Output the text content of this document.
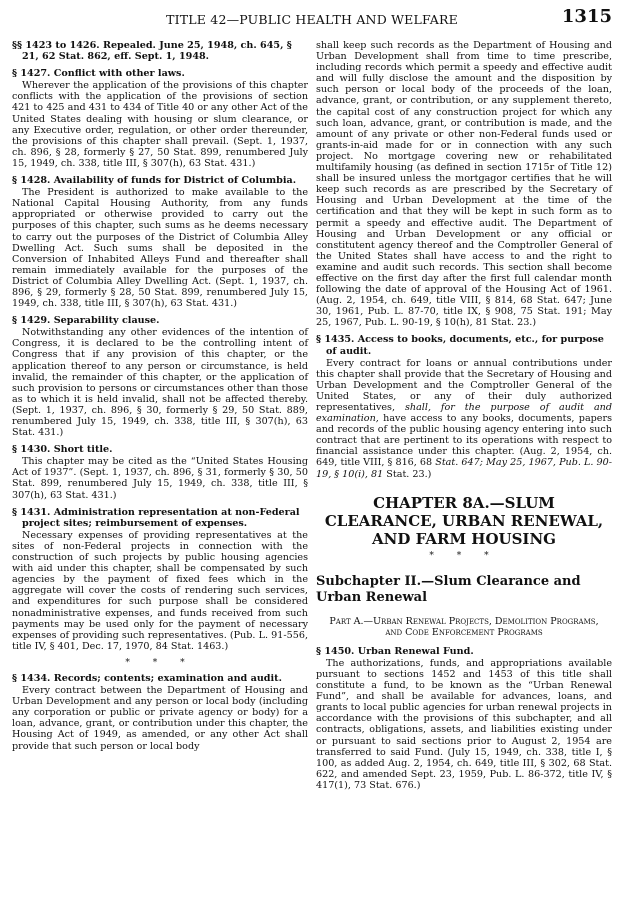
TITLE 42—PUBLIC HEALTH AND WELFARE	1315
§§ 1423 to 1426. Repealed. June 25, 1948, ch. 645, § 21, 62 Stat. 862, eff. Sept. 1, 1948.
§ 1427. Conflict with other laws.

Wherever the application of the provisions of this chapter conflicts with the application of the provisions of section 421 to 425 and 431 to 434 of Title 40 or any other Act of the United States dealing with housing or slum clearance, or any Executive order, regulation, or other order thereunder, the provisions of this chapter shall prevail. (Sept. 1, 1937, ch. 896, § 28, formerly § 27, 50 Stat. 899, renumbered July 15, 1949, ch. 338, title III, § 307(h), 63 Stat. 431.)

§ 1428. Availability of funds for District of Columbia.

The President is authorized to make available to the National Capital Housing Authority, from any funds appropriated or otherwise provided to carry out the purposes of this chapter, such sums as he deems necessary to carry out the purposes of the District of Columbia Alley Dwelling Act. Such sums shall be deposited in the Conversion of Inhabited Alleys Fund and thereafter shall remain immediately available for the purposes of the District of Columbia Alley Dwelling Act. (Sept. 1, 1937, ch. 896, § 29, formerly § 28, 50 Stat. 899, renumbered July 15, 1949, ch. 338, title III, § 307(h), 63 Stat. 431.)

§ 1429. Separability clause.

Notwithstanding any other evidences of the intention of Congress, it is declared to be the controlling intent of Congress that if any provision of this chapter, or the application thereof to any person or circumstance, is held invalid, the remainder of this chapter, or the application of such provision to persons or circumstances other than those as to which it is held invalid, shall not be affected thereby. (Sept. 1, 1937, ch. 896, § 30, formerly § 29, 50 Stat. 889, renumbered July 15, 1949, ch. 338, title III, § 307(h), 63 Stat. 431.)

§ 1430. Short title.

This chapter may be cited as the “United States Housing Act of 1937”. (Sept. 1, 1937, ch. 896, § 31, formerly § 30, 50 Stat. 899, renumbered July 15, 1949, ch. 338, title III, § 307(h), 63 Stat. 431.)

§ 1431. Administration representation at non-Federal project sites; reimbursement of expenses.

Necessary expenses of providing representatives at the sites of non-Federal projects in connection with the construction of such projects by public housing agencies with aid under this chapter, shall be compensated by such agencies by the payment of fixed fees which in the aggregate will cover the costs of rendering such services, and expenditures for such purpose shall be considered nonadministrative expenses, and funds received from such payments may be used only for the payment of necessary expenses of providing such representatives. (Pub. L. 91-556, title IV, § 401, Dec. 17, 1970, 84 Stat. 1463.)

* * *
§ 1434. Records; contents; examination and audit.

Every contract between the Department of Housing and Urban Development and any person or local body (including any corporation or public or private agency or body) for a loan, advance, grant, or contribution under this chapter, the Housing Act of 1949, as amended, or any other Act shall provide that such person or local body

shall keep such records as the Department of Housing and Urban Development shall from time to time prescribe, including records which permit a speedy and effective audit and will fully disclose the amount and the disposition by such person or local body of the proceeds of the loan, advance, grant, or contribution, or any supplement thereto, the capital cost of any construction project for which any such loan, advance, grant, or contribution is made, and the amount of any private or other non-Federal funds used or grants-in-aid made for or in connection with any such project. No mortgage covering new or rehabilitated multifamily housing (as defined in section 1715r of Title 12) shall be insured unless the mortgagor certifies that he will keep such records as are prescribed by the Secretary of Housing and Urban Development at the time of the certification and that they will be kept in such form as to permit a speedy and effective audit. The Department of Housing and Urban Development or any official or constitutent agency thereof and the Comptroller General of the United States shall have access to and the right to examine and audit such records. This section shall become effective on the first day after the first full calendar month following the date of approval of the Housing Act of 1961. (Aug. 2, 1954, ch. 649, title VIII, § 814, 68 Stat. 647; June 30, 1961, Pub. L. 87-70, title IX, § 908, 75 Stat. 191; May 25, 1967, Pub. L. 90-19, § 10(h), 81 Stat. 23.)

§ 1435. Access to books, documents, etc., for purpose of audit.

Every contract for loans or annual contributions under this chapter shall provide that the Secretary of Housing and Urban Development and the Comptroller General of the United States, or any of their duly authorized representatives, shall, for the purpose of audit and examination, have access to any books, documents, papers and records of the public housing agency entering into such contract that are pertinent to its operations with respect to financial assistance under this chapter. (Aug. 2, 1954, ch. 649, title VIII, § 816, 68 Stat. 647; May 25, 1967, Pub. L. 90-19, § 10(i), 81 Stat. 23.)

CHAPTER 8A.—SLUM CLEARANCE, URBAN RENEWAL, AND FARM HOUSING
* * *
Subchapter II.—Slum Clearance and Urban Renewal
Part A.—Urban Renewal Projects, Demolition Programs, and Code Enforcement Programs
§ 1450. Urban Renewal Fund.

The authorizations, funds, and appropriations available pursuant to sections 1452 and 1453 of this title shall constitute a fund, to be known as the “Urban Renewal Fund”, and shall be available for advances, loans, and grants to local public agencies for urban renewal projects in accordance with the provisions of this subchapter, and all contracts, obligations, assets, and liabilities existing under or pursuant to said sections prior to August 2, 1954 are transferred to said Fund. (July 15, 1949, ch. 338, title I, § 100, as added Aug. 2, 1954, ch. 649, title III, § 302, 68 Stat. 622, and amended Sept. 23, 1959, Pub. L. 86-372, title IV, § 417(1), 73 Stat. 676.)
